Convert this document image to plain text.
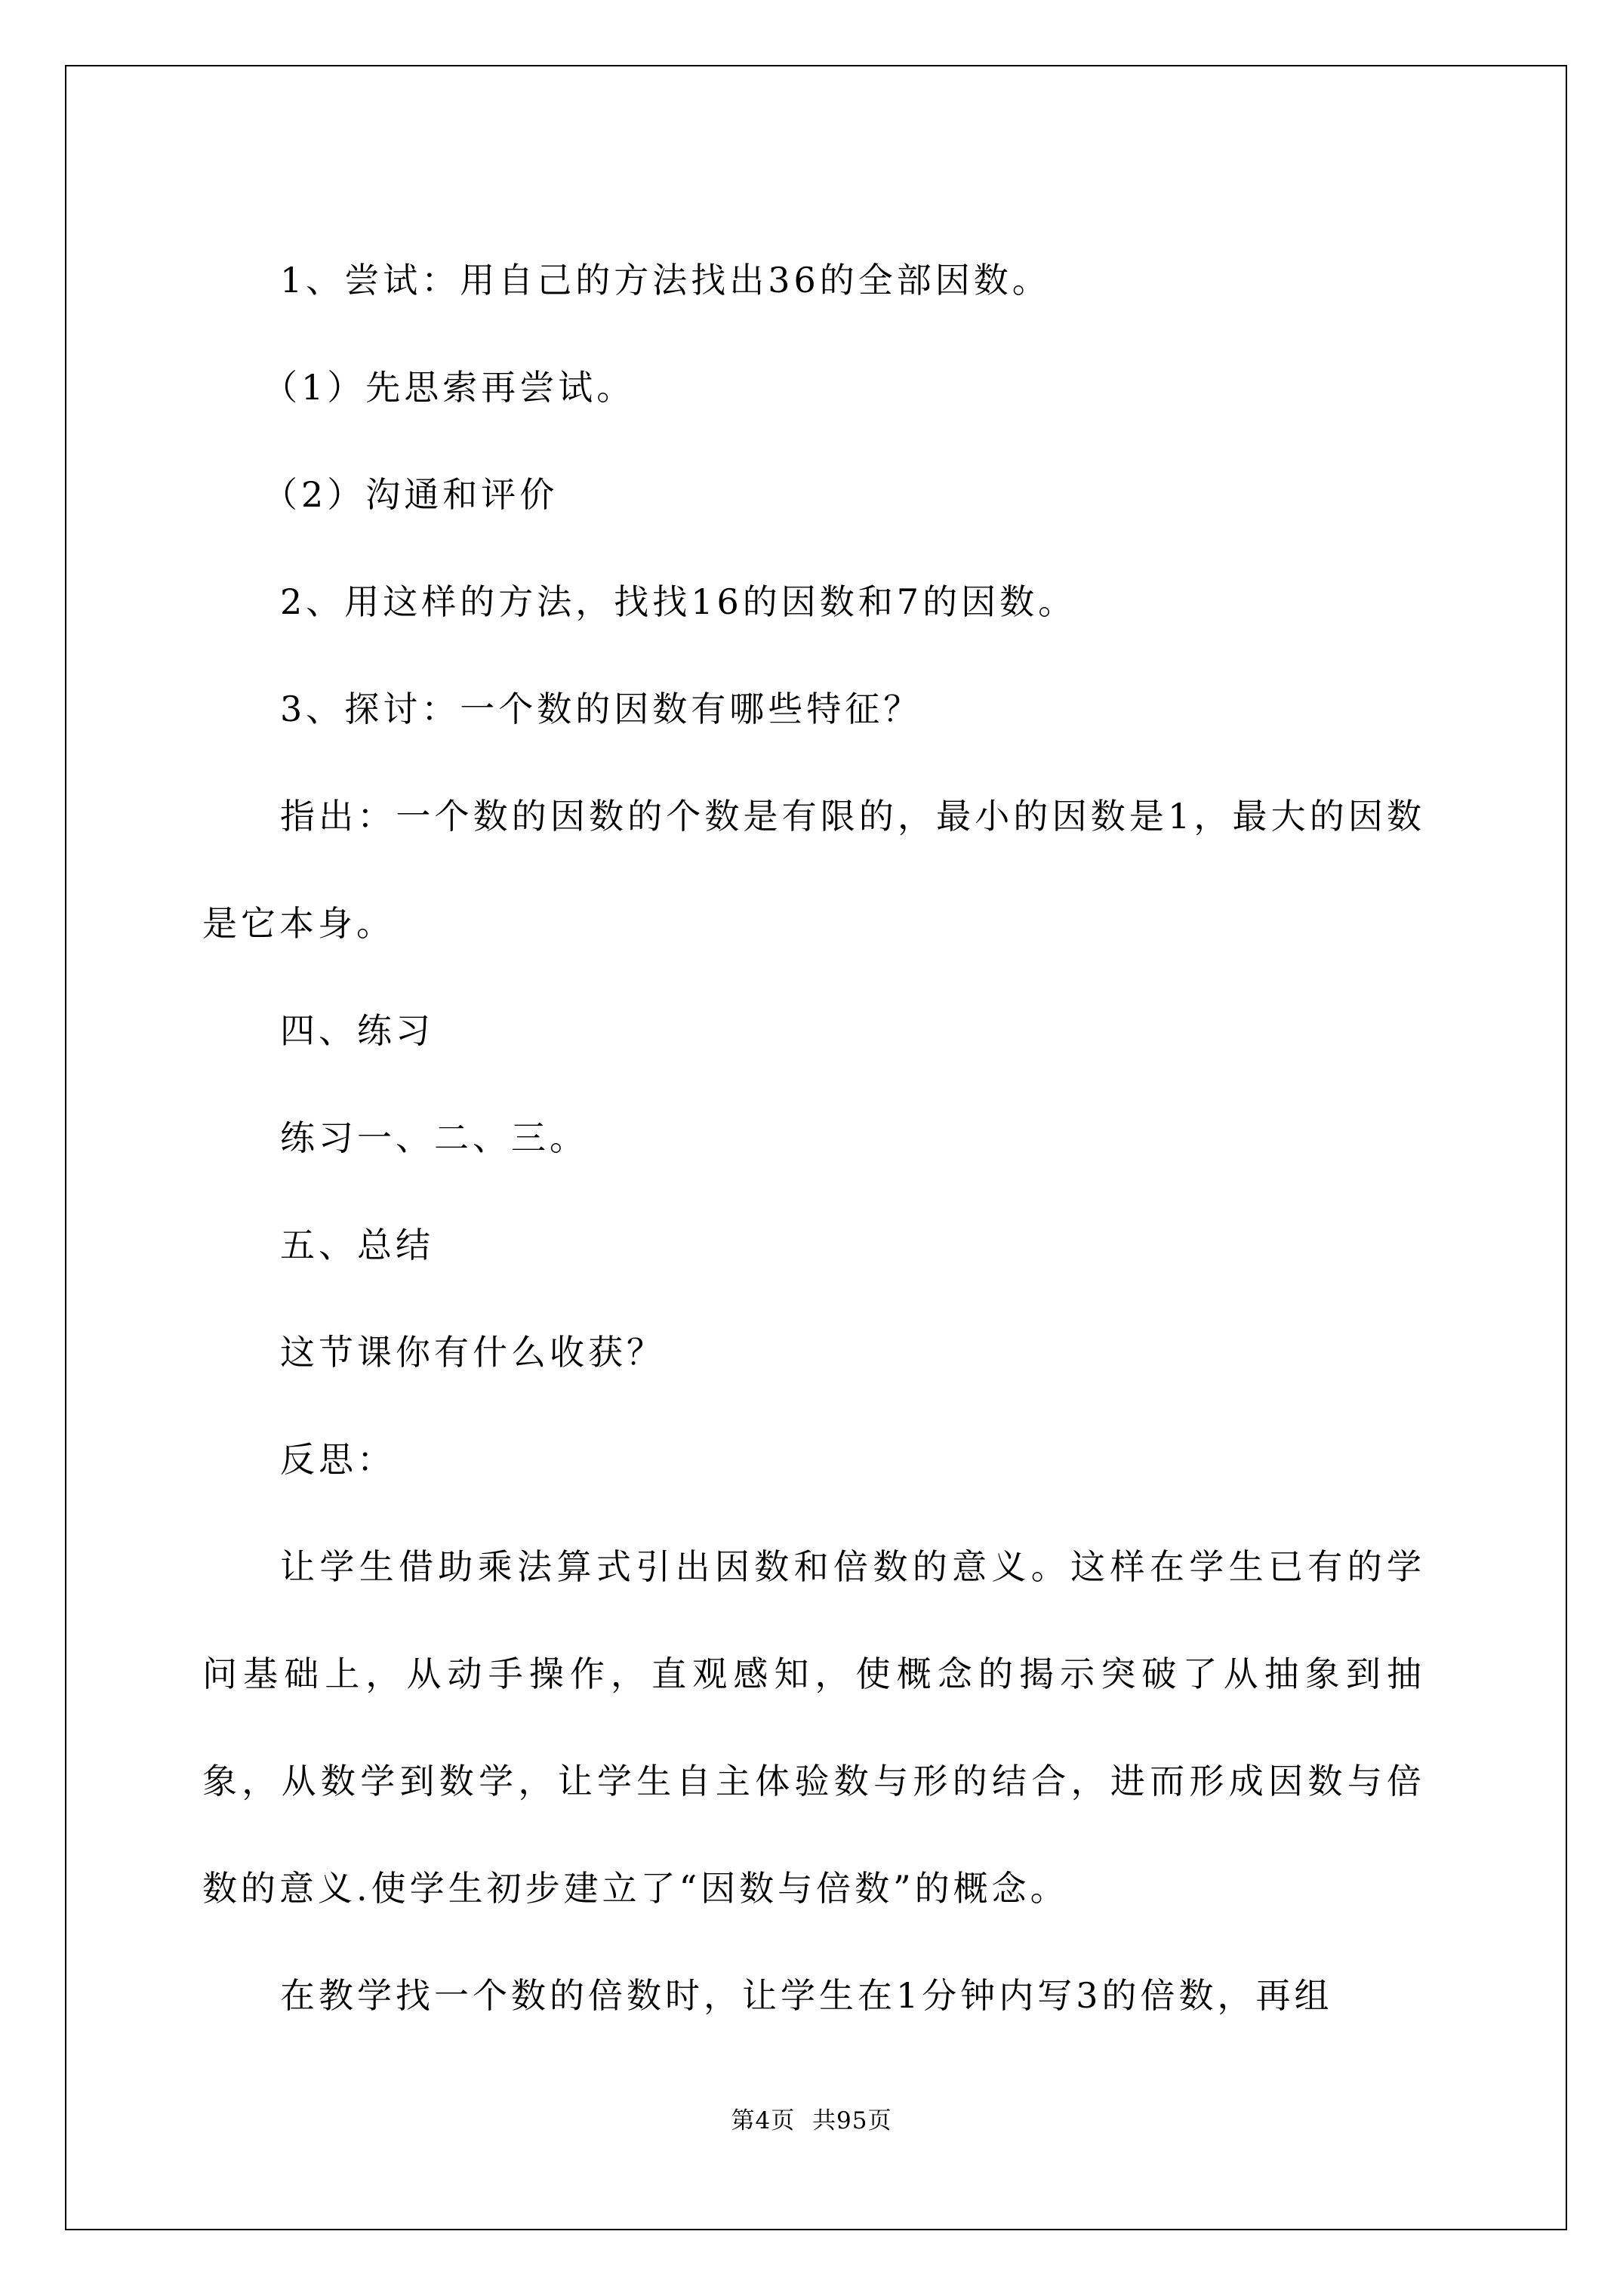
1、尝试：用自己的方法找出36的全部因数。

（1）先思索再尝试。

（2）沟通和评价

2、用这样的方法，找找16的因数和7的因数。

3、探讨：一个数的因数有哪些特征？

指出：一个数的因数的个数是有限的，最小的因数是1，最大的因数是它本身。

四、练习

练习一、二、三。

五、总结

这节课你有什么收获？

反思：

让学生借助乘法算式引出因数和倍数的意义。这样在学生已有的学问基础上，从动手操作，直观感知，使概念的揭示突破了从抽象到抽象，从数学到数学，让学生自主体验数与形的结合，进而形成因数与倍数的意义.使学生初步建立了“因数与倍数”的概念。

在教学找一个数的倍数时，让学生在1分钟内写3的倍数，再组

第4页 共95页
